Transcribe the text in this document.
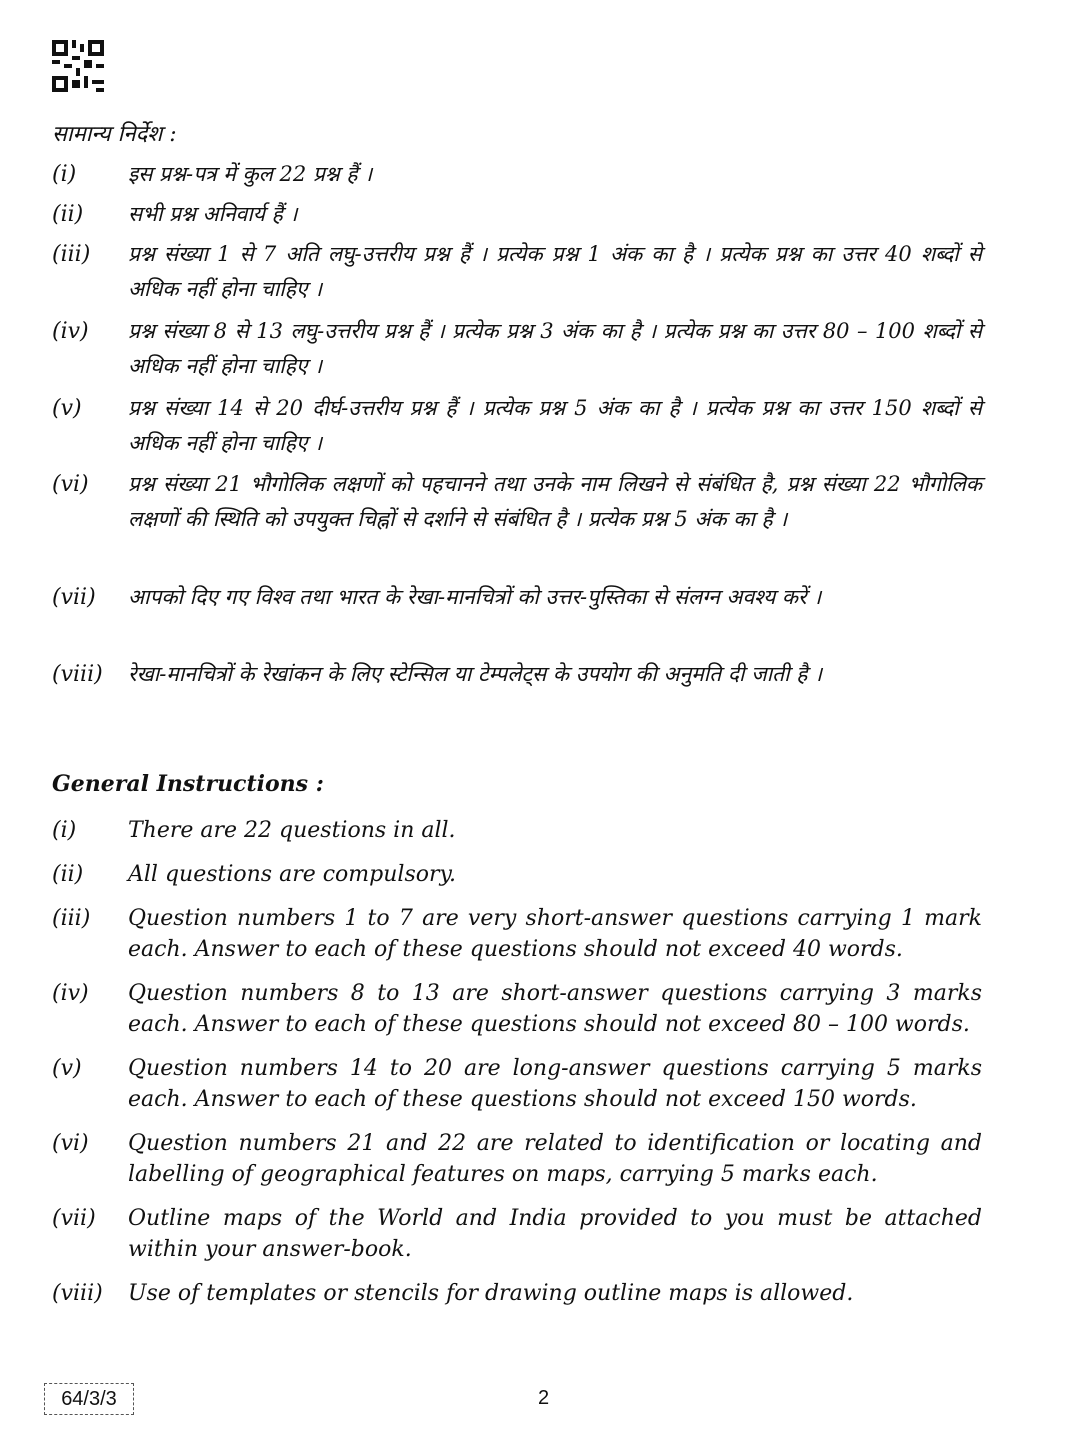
सामान्य निर्देश :
(i)	इस प्रश्न-पत्र में कुल 22 प्रश्न हैं ।
(ii)	सभी प्रश्न अनिवार्य हैं ।
(iii)	प्रश्न संख्या 1 से 7 अति लघु-उत्तरीय प्रश्न हैं । प्रत्येक प्रश्न 1 अंक का है । प्रत्येक प्रश्न का उत्तर 40 शब्दों से अधिक नहीं होना चाहिए ।
(iv)	प्रश्न संख्या 8 से 13 लघु-उत्तरीय प्रश्न हैं । प्रत्येक प्रश्न 3 अंक का है । प्रत्येक प्रश्न का उत्तर 80 – 100 शब्दों से अधिक नहीं होना चाहिए ।
(v)	प्रश्न संख्या 14 से 20 दीर्घ-उत्तरीय प्रश्न हैं । प्रत्येक प्रश्न 5 अंक का है । प्रत्येक प्रश्न का उत्तर 150 शब्दों से अधिक नहीं होना चाहिए ।
(vi)	प्रश्न संख्या 21 भौगोलिक लक्षणों को पहचानने तथा उनके नाम लिखने से संबंधित है, प्रश्न संख्या 22 भौगोलिक लक्षणों की स्थिति को उपयुक्त चिह्नों से दर्शाने से संबंधित है । प्रत्येक प्रश्न 5 अंक का है ।
(vii)	आपको दिए गए विश्व तथा भारत के रेखा-मानचित्रों को उत्तर-पुस्तिका से संलग्न अवश्य करें ।
(viii)	रेखा-मानचित्रों के रेखांकन के लिए स्टेन्सिल या टेम्पलेट्स के उपयोग की अनुमति दी जाती है ।
General Instructions :
(i)	There are 22 questions in all.
(ii)	All questions are compulsory.
(iii)	Question numbers 1 to 7 are very short-answer questions carrying 1 mark each. Answer to each of these questions should not exceed 40 words.
(iv)	Question numbers 8 to 13 are short-answer questions carrying 3 marks each. Answer to each of these questions should not exceed 80 – 100 words.
(v)	Question numbers 14 to 20 are long-answer questions carrying 5 marks each. Answer to each of these questions should not exceed 150 words.
(vi)	Question numbers 21 and 22 are related to identification or locating and labelling of geographical features on maps, carrying 5 marks each.
(vii)	Outline maps of the World and India provided to you must be attached within your answer-book.
(viii)	Use of templates or stencils for drawing outline maps is allowed.
64/3/3	2
